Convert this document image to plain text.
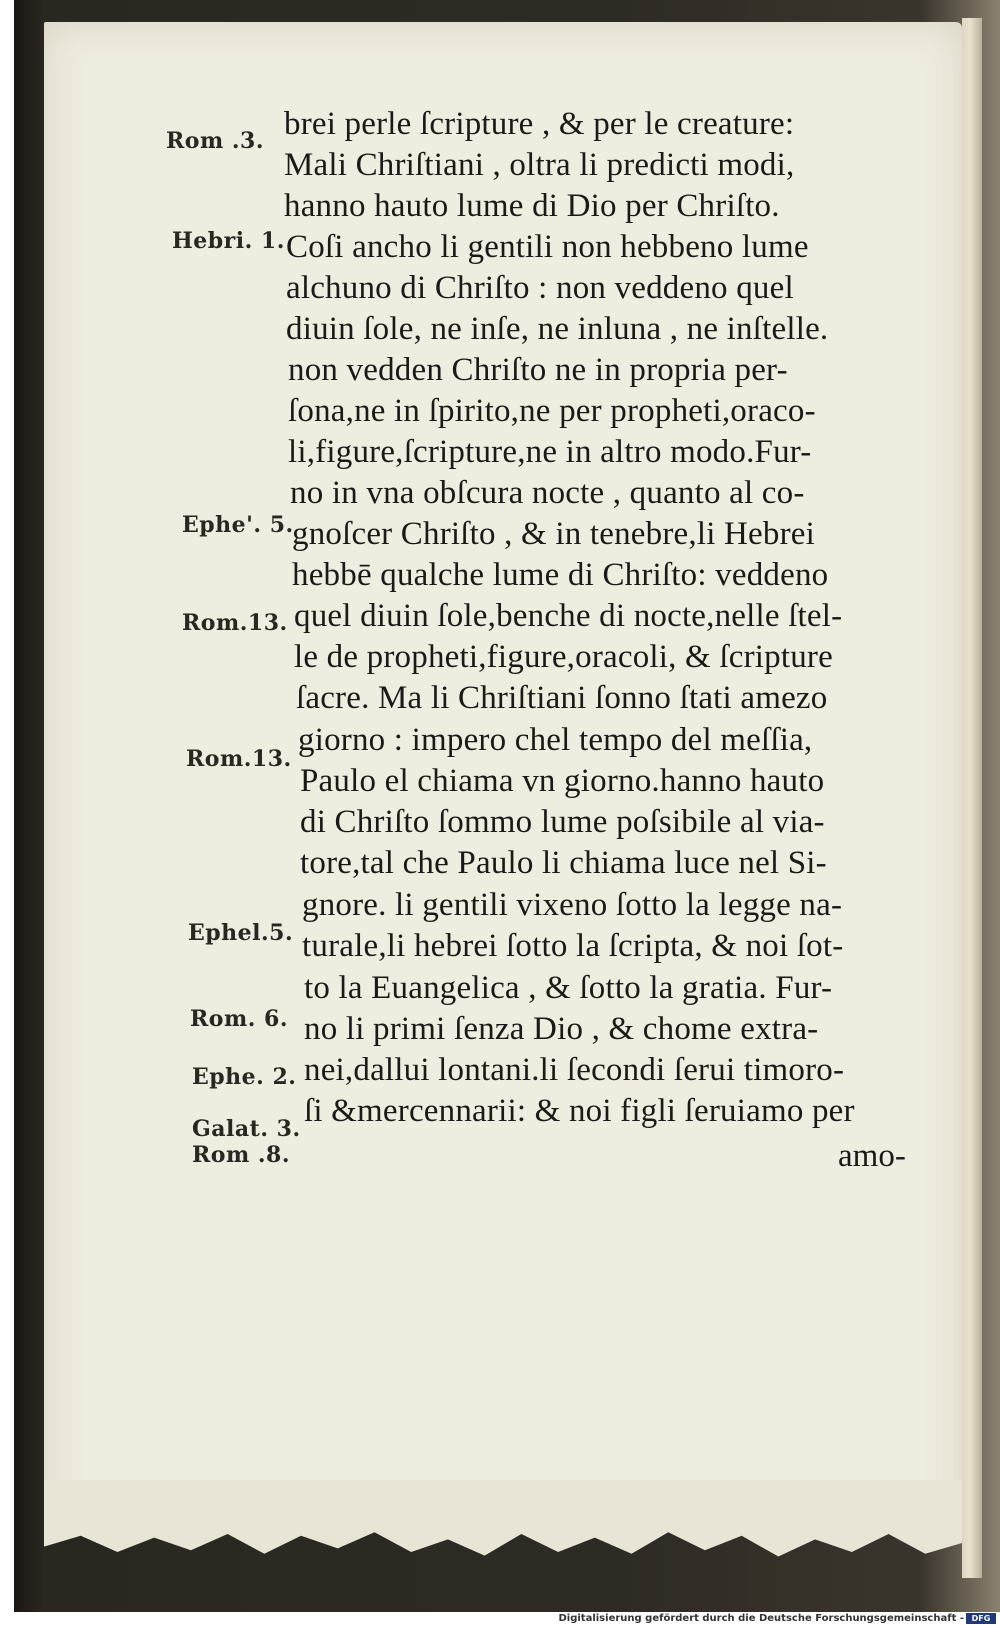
Rom .3.

Hebri. 1.

Ephe'. 5.

Rom.13.

Rom.13.

Ephel.5.

Rom. 6.

Ephe. 2.

Galat. 3.

Rom .8.

brei perle ſcripture , & per le creature:

Mali Chriſtiani , oltra li predicti modi,

hanno hauto lume di Dio per Chriſto.

Coſi ancho li gentili non hebbeno lume

alchuno di Chriſto : non veddeno quel

diuin ſole, ne inſe, ne inluna , ne inſtelle.

non vedden Chriſto ne in propria per-

ſona,ne in ſpirito,ne per propheti,oraco-

li,figure,ſcripture,ne in altro modo.Fur-

no in vna obſcura nocte , quanto al co-

gnoſcer Chriſto , & in tenebre,li Hebrei

hebbē qualche lume di Chriſto: veddeno

quel diuin ſole,benche di nocte,nelle ſtel-

le de propheti,figure,oracoli, & ſcripture

ſacre. Ma li Chriſtiani ſonno ſtati amezo

giorno : impero chel tempo del meſſia,

Paulo el chiama vn giorno.hanno hauto

di Chriſto ſommo lume poſsibile al via-

tore,tal che Paulo li chiama luce nel Si-

gnore. li gentili vixeno ſotto la legge na-

turale,li hebrei ſotto la ſcripta, & noi ſot-

to la Euangelica , & ſotto la gratia. Fur-

no li primi ſenza Dio , & chome extra-

nei,dallui lontani.li ſecondi ſerui timoro-

ſi &mercennarii: & noi figli ſeruiamo per

amo-

Digitalisierung gefördert durch die Deutsche Forschungsgemeinschaft - DFG
